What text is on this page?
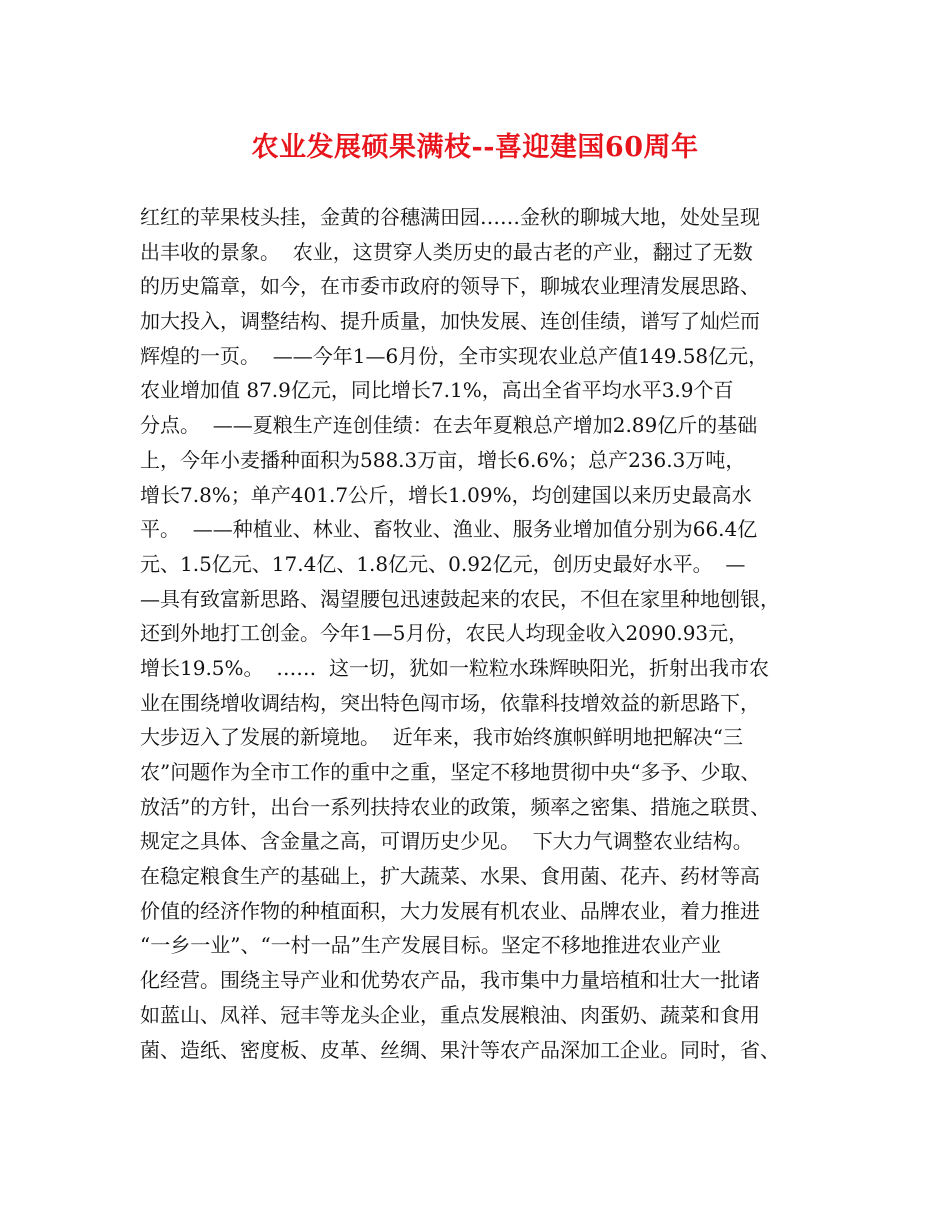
农业发展硕果满枝--喜迎建国60周年
红红的苹果枝头挂，金黄的谷穗满田园……金秋的聊城大地，处处呈现
出丰收的景象。  农业，这贯穿人类历史的最古老的产业，翻过了无数
的历史篇章，如今，在市委市政府的领导下，聊城农业理清发展思路、
加大投入，调整结构、提升质量，加快发展、连创佳绩，谱写了灿烂而
辉煌的一页。  ——今年1—6月份，全市实现农业总产值149.58亿元，
农业增加值 87.9亿元，同比增长7.1%，高出全省平均水平3.9个百
分点。  ——夏粮生产连创佳绩：在去年夏粮总产增加2.89亿斤的基础
上，今年小麦播种面积为588.3万亩，增长6.6%；总产236.3万吨，
增长7.8%；单产401.7公斤，增长1.09%，均创建国以来历史最高水
平。  ——种植业、林业、畜牧业、渔业、服务业增加值分别为66.4亿
元、1.5亿元、17.4亿、1.8亿元、0.92亿元，创历史最好水平。  —
—具有致富新思路、渴望腰包迅速鼓起来的农民，不但在家里种地刨银，
还到外地打工创金。今年1—5月份，农民人均现金收入2090.93元，
增长19.5%。  ……  这一切，犹如一粒粒水珠辉映阳光，折射出我市农
业在围绕增收调结构，突出特色闯市场，依靠科技增效益的新思路下，
大步迈入了发展的新境地。  近年来，我市始终旗帜鲜明地把解决“三
农”问题作为全市工作的重中之重，坚定不移地贯彻中央“多予、少取、
放活”的方针，出台一系列扶持农业的政策，频率之密集、措施之联贯、
规定之具体、含金量之高，可谓历史少见。  下大力气调整农业结构。
在稳定粮食生产的基础上，扩大蔬菜、水果、食用菌、花卉、药材等高
价值的经济作物的种植面积，大力发展有机农业、品牌农业，着力推进
“一乡一业”、“一村一品”生产发展目标。坚定不移地推进农业产业
化经营。围绕主导产业和优势农产品，我市集中力量培植和壮大一批诸
如蓝山、凤祥、冠丰等龙头企业，重点发展粮油、肉蛋奶、蔬菜和食用
菌、造纸、密度板、皮革、丝绸、果汁等农产品深加工企业。同时，省、
